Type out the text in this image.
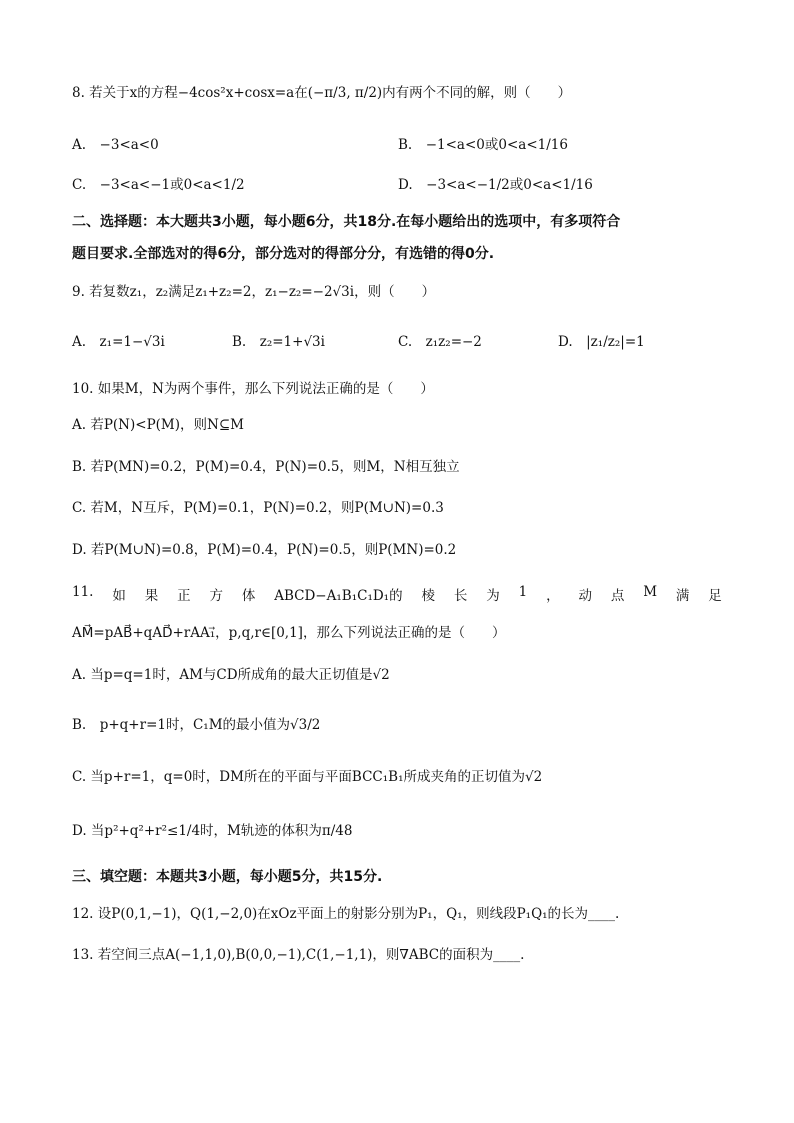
8. 若关于x的方程−4cos²x+cosx=a在(−π/3, π/2)内有两个不同的解，则（　　）
A.　−3<a<0	B.　−1<a<0或0<a<1/16
C.　−3<a<−1或0<a<1/2	D.　−3<a<−1/2或0<a<1/16
二、选择题：本大题共3小题，每小题6分，共18分.在每小题给出的选项中，有多项符合
题目要求.全部选对的得6分，部分选对的得部分分，有选错的得0分.
9. 若复数z₁，z₂满足z₁+z₂=2，z₁−z₂=−2√3i，则（　　）
A.　z₁=1−√3i	B.　z₂=1+√3i	C.　z₁z₂=−2	D.　|z₁/z₂|=1
10. 如果M，N为两个事件，那么下列说法正确的是（　　）
A. 若P(N)<P(M)，则N⊆M
B. 若P(MN)=0.2，P(M)=0.4，P(N)=0.5，则M，N相互独立
C. 若M，N互斥，P(M)=0.1，P(N)=0.2，则P(M∪N)=0.3
D. 若P(M∪N)=0.8，P(M)=0.4，P(N)=0.5，则P(MN)=0.2
11. 如 果 正 方 体 ABCD−A₁B₁C₁D₁的 棱 长 为 1 ， 动 点 M 满 足
AM⃗=pAB⃗+qAD⃗+rAA₁⃗，p,q,r∈[0,1]，那么下列说法正确的是（　　）
A. 当p=q=1时，AM与CD所成角的最大正切值是√2
B.　p+q+r=1时，C₁M的最小值为√3/2
C. 当p+r=1，q=0时，DM所在的平面与平面BCC₁B₁所成夹角的正切值为√2
D. 当p²+q²+r²≤1/4时，M轨迹的体积为π/48
三、填空题：本题共3小题，每小题5分，共15分.
12. 设P(0,1,−1)，Q(1,−2,0)在xOz平面上的射影分别为P₁，Q₁，则线段P₁Q₁的长为____.
13. 若空间三点A(−1,1,0),B(0,0,−1),C(1,−1,1)，则∇ABC的面积为____.
